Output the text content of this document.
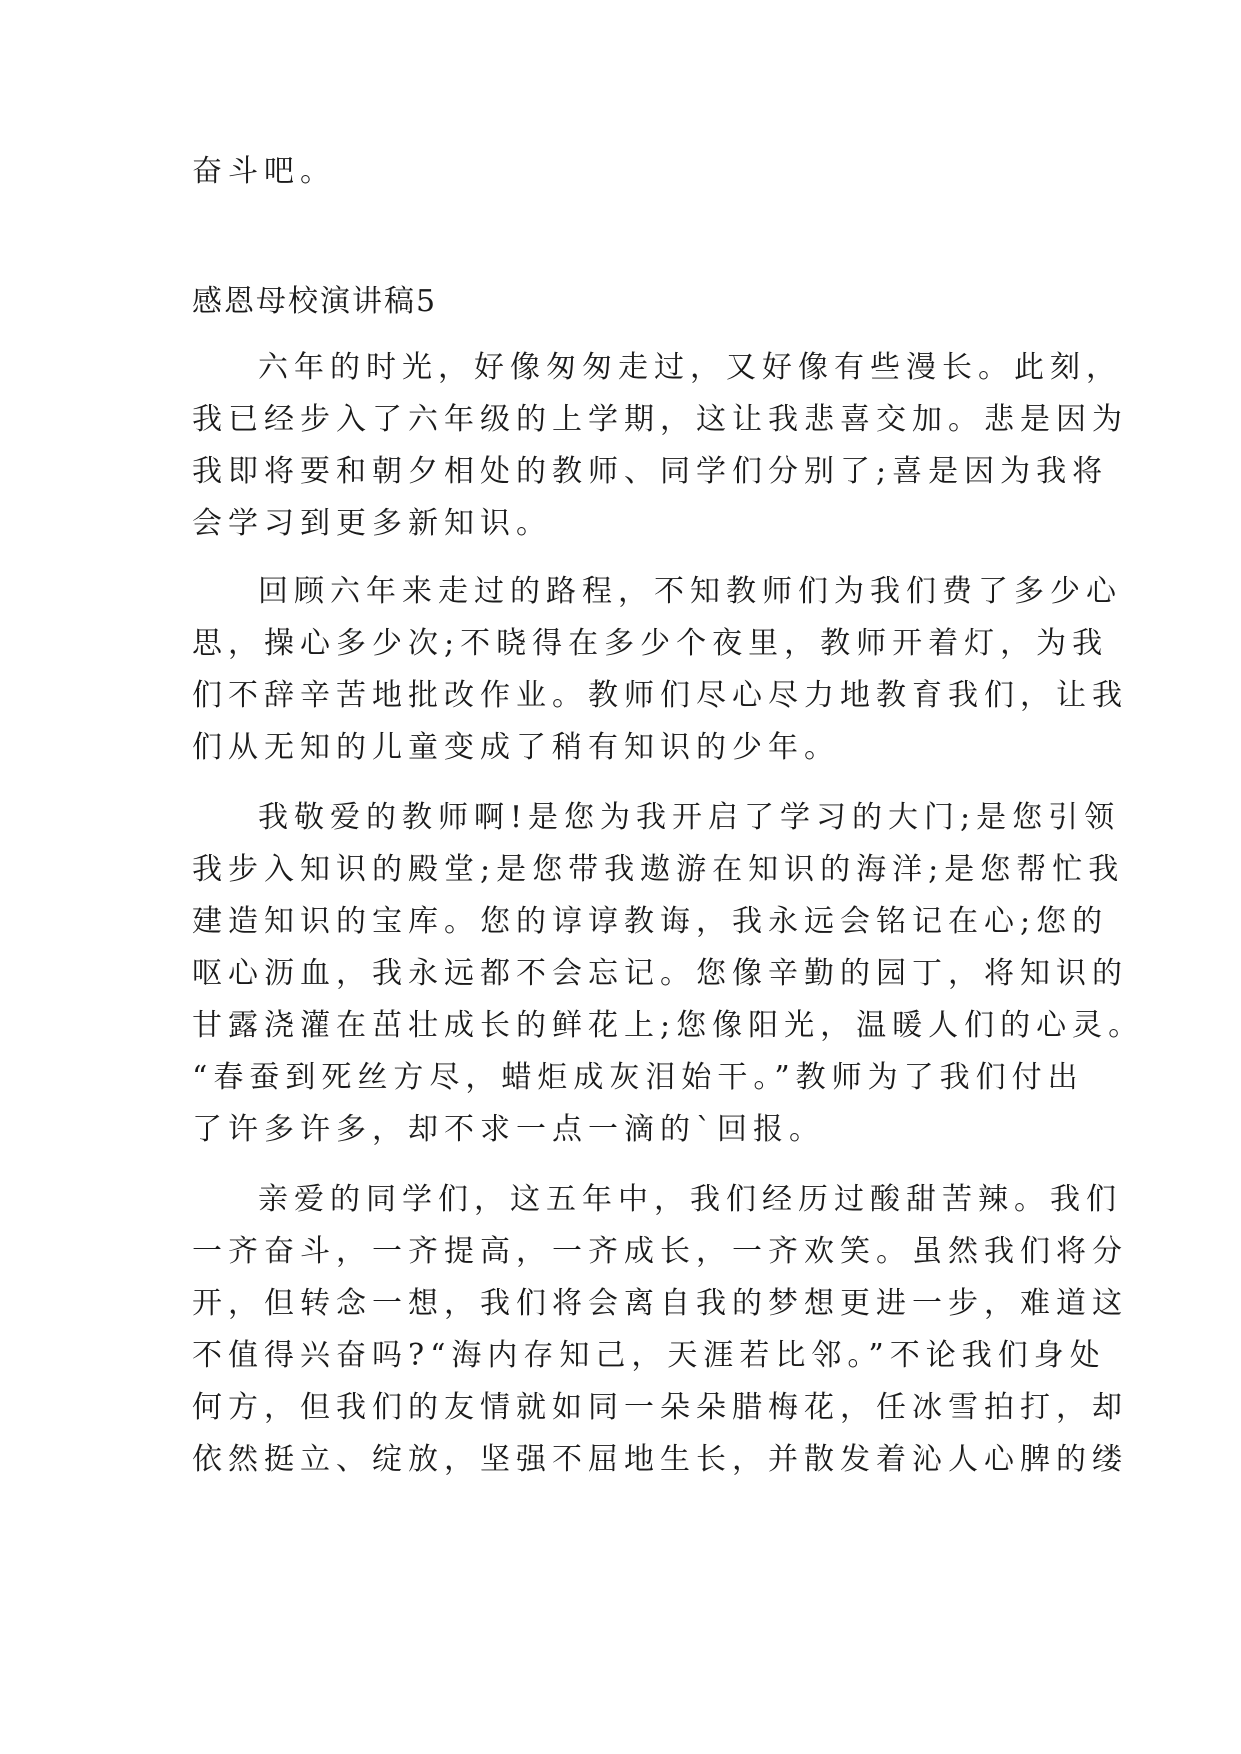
奋斗吧。
感恩母校演讲稿5
六年的时光，好像匆匆走过，又好像有些漫长。此刻，
我已经步入了六年级的上学期，这让我悲喜交加。悲是因为
我即将要和朝夕相处的教师、同学们分别了;喜是因为我将
会学习到更多新知识。
回顾六年来走过的路程，不知教师们为我们费了多少心
思，操心多少次;不晓得在多少个夜里，教师开着灯，为我
们不辞辛苦地批改作业。教师们尽心尽力地教育我们，让我
们从无知的儿童变成了稍有知识的少年。
我敬爱的教师啊!是您为我开启了学习的大门;是您引领
我步入知识的殿堂;是您带我遨游在知识的海洋;是您帮忙我
建造知识的宝库。您的谆谆教诲，我永远会铭记在心;您的
呕心沥血，我永远都不会忘记。您像辛勤的园丁，将知识的
甘露浇灌在茁壮成长的鲜花上;您像阳光，温暖人们的心灵。
“春蚕到死丝方尽，蜡炬成灰泪始干。”教师为了我们付出
了许多许多，却不求一点一滴的`回报。
亲爱的同学们，这五年中，我们经历过酸甜苦辣。我们
一齐奋斗，一齐提高，一齐成长，一齐欢笑。虽然我们将分
开，但转念一想，我们将会离自我的梦想更进一步，难道这
不值得兴奋吗?“海内存知己，天涯若比邻。”不论我们身处
何方，但我们的友情就如同一朵朵腊梅花，任冰雪拍打，却
依然挺立、绽放，坚强不屈地生长，并散发着沁人心脾的缕
